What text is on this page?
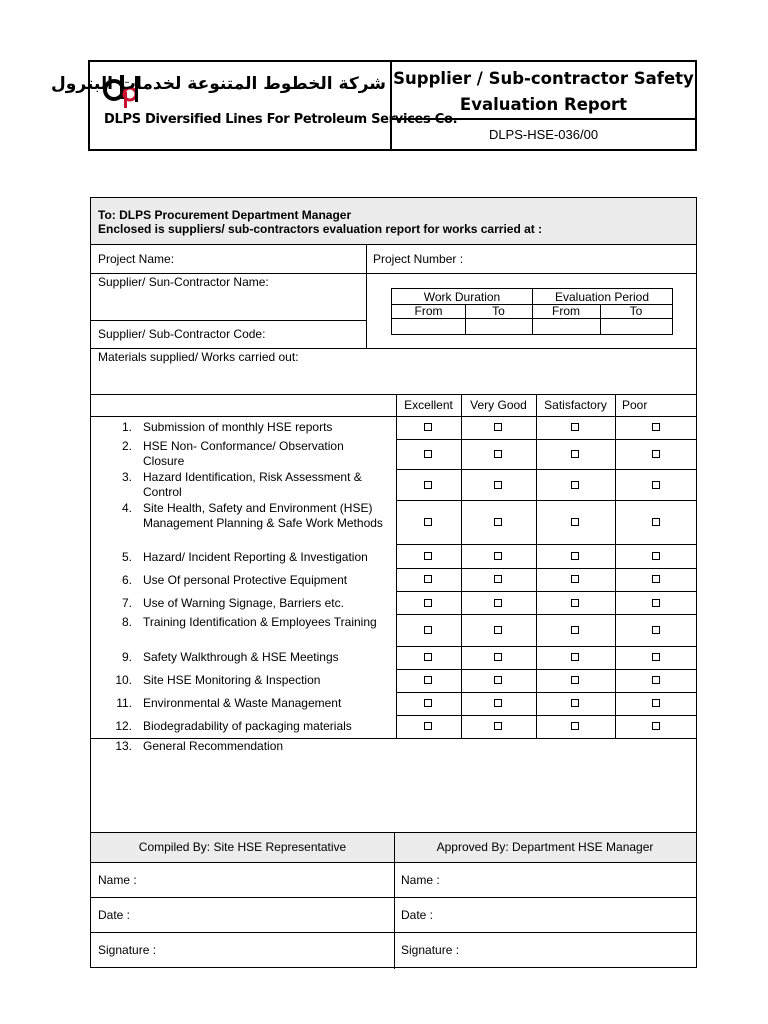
شركة الخطوط المتنوعة لخدمات البترول
DLPS Diversified Lines For Petroleum Services Co.
Supplier / Sub-contractor Safety
Evaluation Report
DLPS-HSE-036/00
To: DLPS Procurement Department Manager
Enclosed is suppliers/ sub-contractors evaluation report for works carried at :
Project Name:	Project Number :
Supplier/ Sun-Contractor Name:
Supplier/ Sub-Contractor Code:
Materials supplied/ Works carried out:
Work Duration	Evaluation Period
From	To	From	To
Excellent	Very Good	Satisfactory	Poor
1. Submission of monthly HSE reports
2. HSE Non- Conformance/ Observation Closure
3. Hazard Identification, Risk Assessment & Control
4. Site Health, Safety and Environment (HSE) Management Planning & Safe Work Methods
5. Hazard/ Incident Reporting & Investigation
6. Use Of personal Protective Equipment
7. Use of Warning Signage, Barriers etc.
8. Training Identification & Employees Training
9. Safety Walkthrough & HSE Meetings
10. Site HSE Monitoring & Inspection
11. Environmental & Waste Management
12. Biodegradability of packaging materials
13. General Recommendation
Compiled By: Site HSE Representative	Approved By: Department HSE Manager
Name :	Name :
Date :	Date :
Signature :	Signature :
